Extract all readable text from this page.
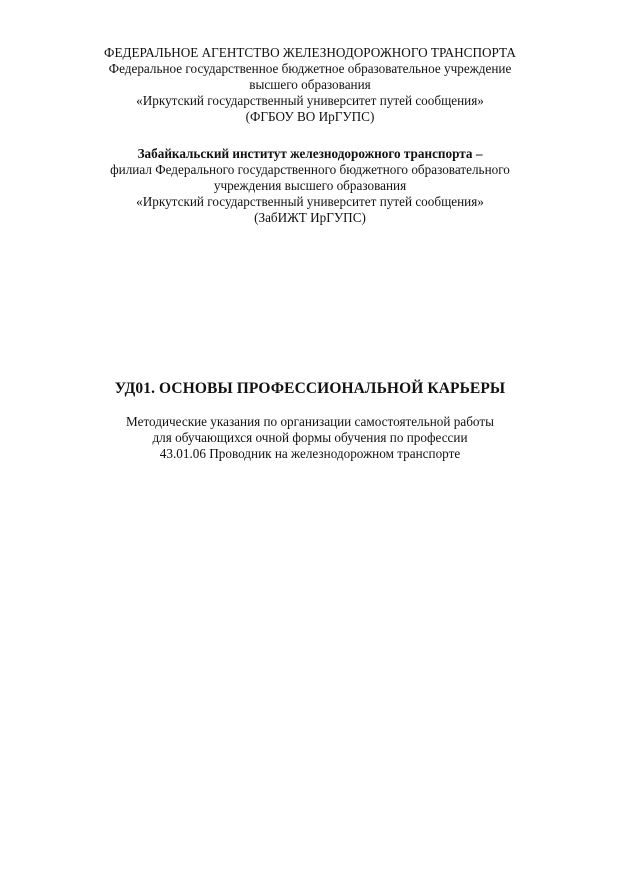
ФЕДЕРАЛЬНОЕ АГЕНТСТВО ЖЕЛЕЗНОДОРОЖНОГО ТРАНСПОРТА
Федеральное государственное бюджетное образовательное учреждение
высшего образования
«Иркутский государственный университет путей сообщения»
(ФГБОУ ВО ИрГУПС)
Забайкальский институт железнодорожного транспорта –
филиал Федерального государственного бюджетного образовательного
учреждения высшего образования
«Иркутский государственный университет путей сообщения»
(ЗабИЖТ ИрГУПС)
УД01. ОСНОВЫ ПРОФЕССИОНАЛЬНОЙ КАРЬЕРЫ
Методические указания по организации самостоятельной работы
для обучающихся очной формы обучения по профессии
43.01.06 Проводник на железнодорожном транспорте
